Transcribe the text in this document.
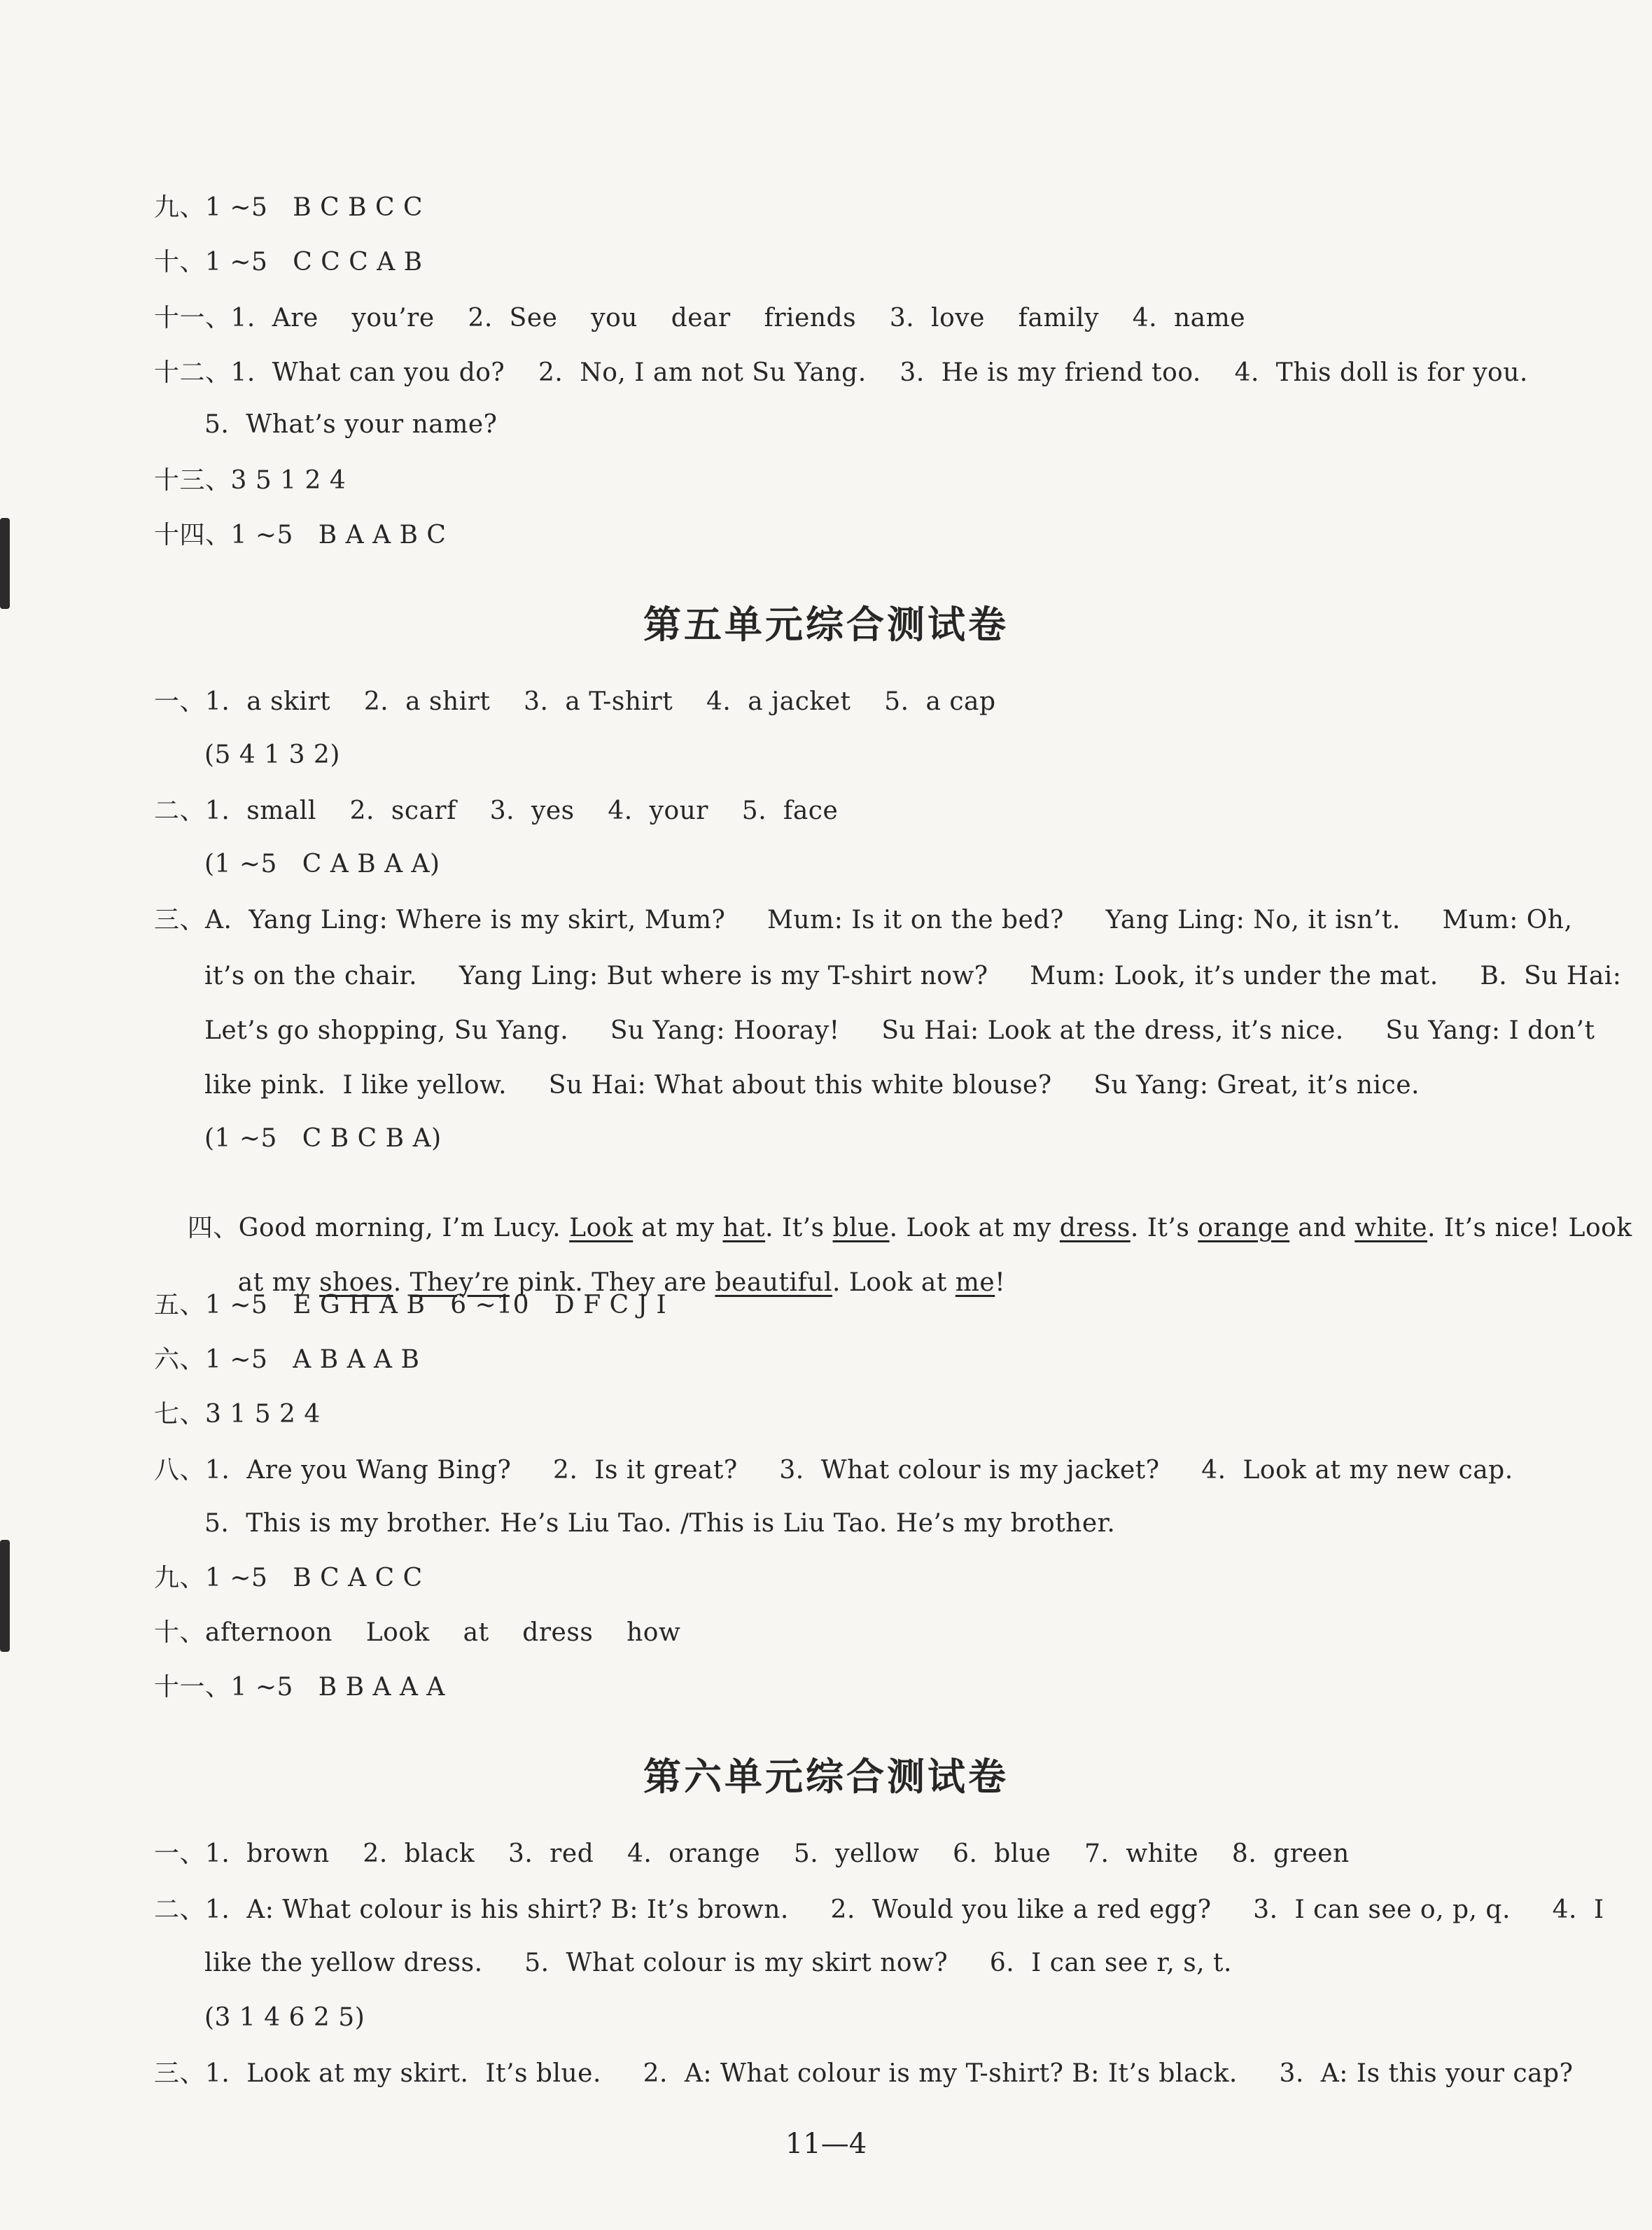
九、1 ~5   B C B C C
十、1 ~5   C C C A B
十一、1.  Are    you’re    2.  See    you    dear    friends    3.  love    family    4.  name
十二、1.  What can you do?    2.  No, I am not Su Yang.    3.  He is my friend too.    4.  This doll is for you.
5.  What’s your name?
十三、3 5 1 2 4
十四、1 ~5   B A A B C
第五单元综合测试卷
一、1.  a skirt    2.  a shirt    3.  a T-shirt    4.  a jacket    5.  a cap
(5 4 1 3 2)
二、1.  small    2.  scarf    3.  yes    4.  your    5.  face
(1 ~5   C A B A A)
三、A.  Yang Ling: Where is my skirt, Mum?     Mum: Is it on the bed?     Yang Ling: No, it isn’t.     Mum: Oh,
it’s on the chair.     Yang Ling: But where is my T-shirt now?     Mum: Look, it’s under the mat.     B.  Su Hai:
Let’s go shopping, Su Yang.     Su Yang: Hooray!     Su Hai: Look at the dress, it’s nice.     Su Yang: I don’t
like pink.  I like yellow.     Su Hai: What about this white blouse?     Su Yang: Great, it’s nice.
(1 ~5   C B C B A)

四、Good morning, I’m Lucy. Look at my hat. It’s blue. Look at my dress. It’s orange and white. It’s nice! Look

at my shoes. They’re pink. They are beautiful. Look at me!

五、1 ~5   E G H A B   6 ~10   D F C J I
六、1 ~5   A B A A B
七、3 1 5 2 4
八、1.  Are you Wang Bing?     2.  Is it great?     3.  What colour is my jacket?     4.  Look at my new cap.
5.  This is my brother. He’s Liu Tao. /This is Liu Tao. He’s my brother.
九、1 ~5   B C A C C
十、afternoon    Look    at    dress    how
十一、1 ~5   B B A A A
第六单元综合测试卷
一、1.  brown    2.  black    3.  red    4.  orange    5.  yellow    6.  blue    7.  white    8.  green
二、1.  A: What colour is his shirt? B: It’s brown.     2.  Would you like a red egg?     3.  I can see o, p, q.     4.  I
like the yellow dress.     5.  What colour is my skirt now?     6.  I can see r, s, t.
(3 1 4 6 2 5)
三、1.  Look at my skirt.  It’s blue.     2.  A: What colour is my T-shirt? B: It’s black.     3.  A: Is this your cap?
11—4
